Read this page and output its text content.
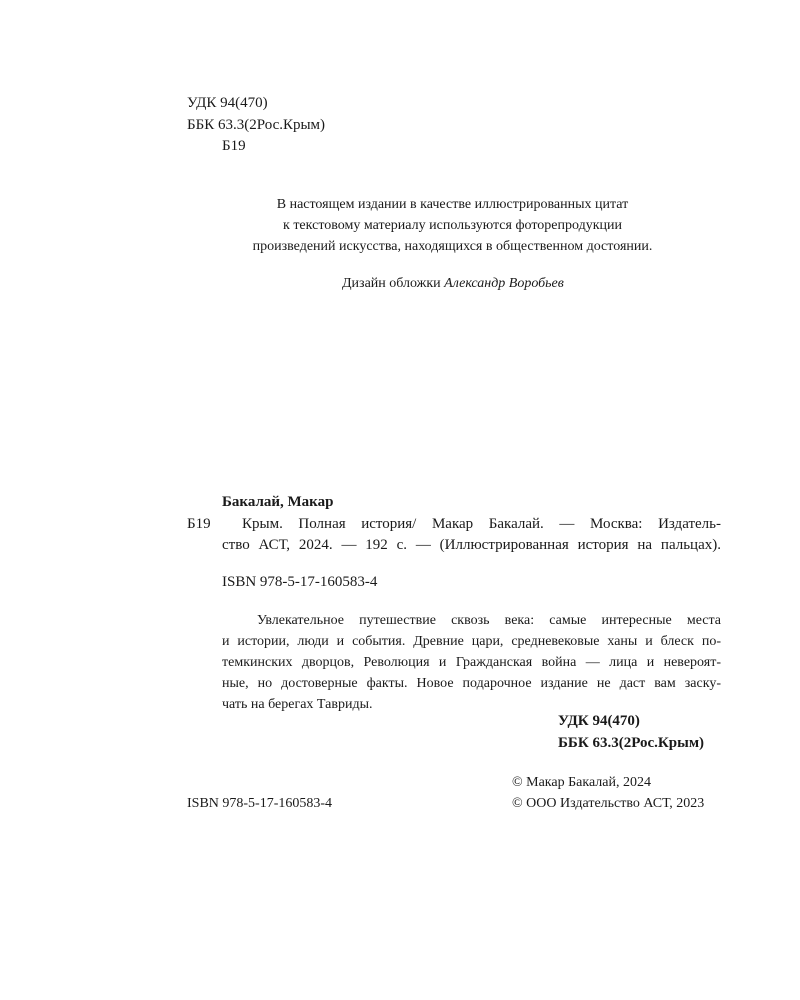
УДК 94(470)
ББК 63.3(2Рос.Крым)
Б19
В настоящем издании в качестве иллюстрированных цитат
к текстовому материалу используются фоторепродукции
произведений искусства, находящихся в общественном достоянии.
Дизайн обложки Александр Воробьев
Бакалай, Макар
Б19 Крым. Полная история/ Макар Бакалай. — Москва: Издатель-
ство АСТ, 2024. — 192 с. — (Иллюстрированная история на пальцах).
ISBN 978-5-17-160583-4
Увлекательное путешествие сквозь века: самые интересные места
и истории, люди и события. Древние цари, средневековые ханы и блеск по-
темкинских дворцов, Революция и Гражданская война — лица и невероят-
ные, но достоверные факты. Новое подарочное издание не даст вам заску-
чать на берегах Тавриды.
УДК 94(470)
ББК 63.3(2Рос.Крым)
© Макар Бакалай, 2024
ISBN 978-5-17-160583-4	© ООО Издательство АСТ, 2023
